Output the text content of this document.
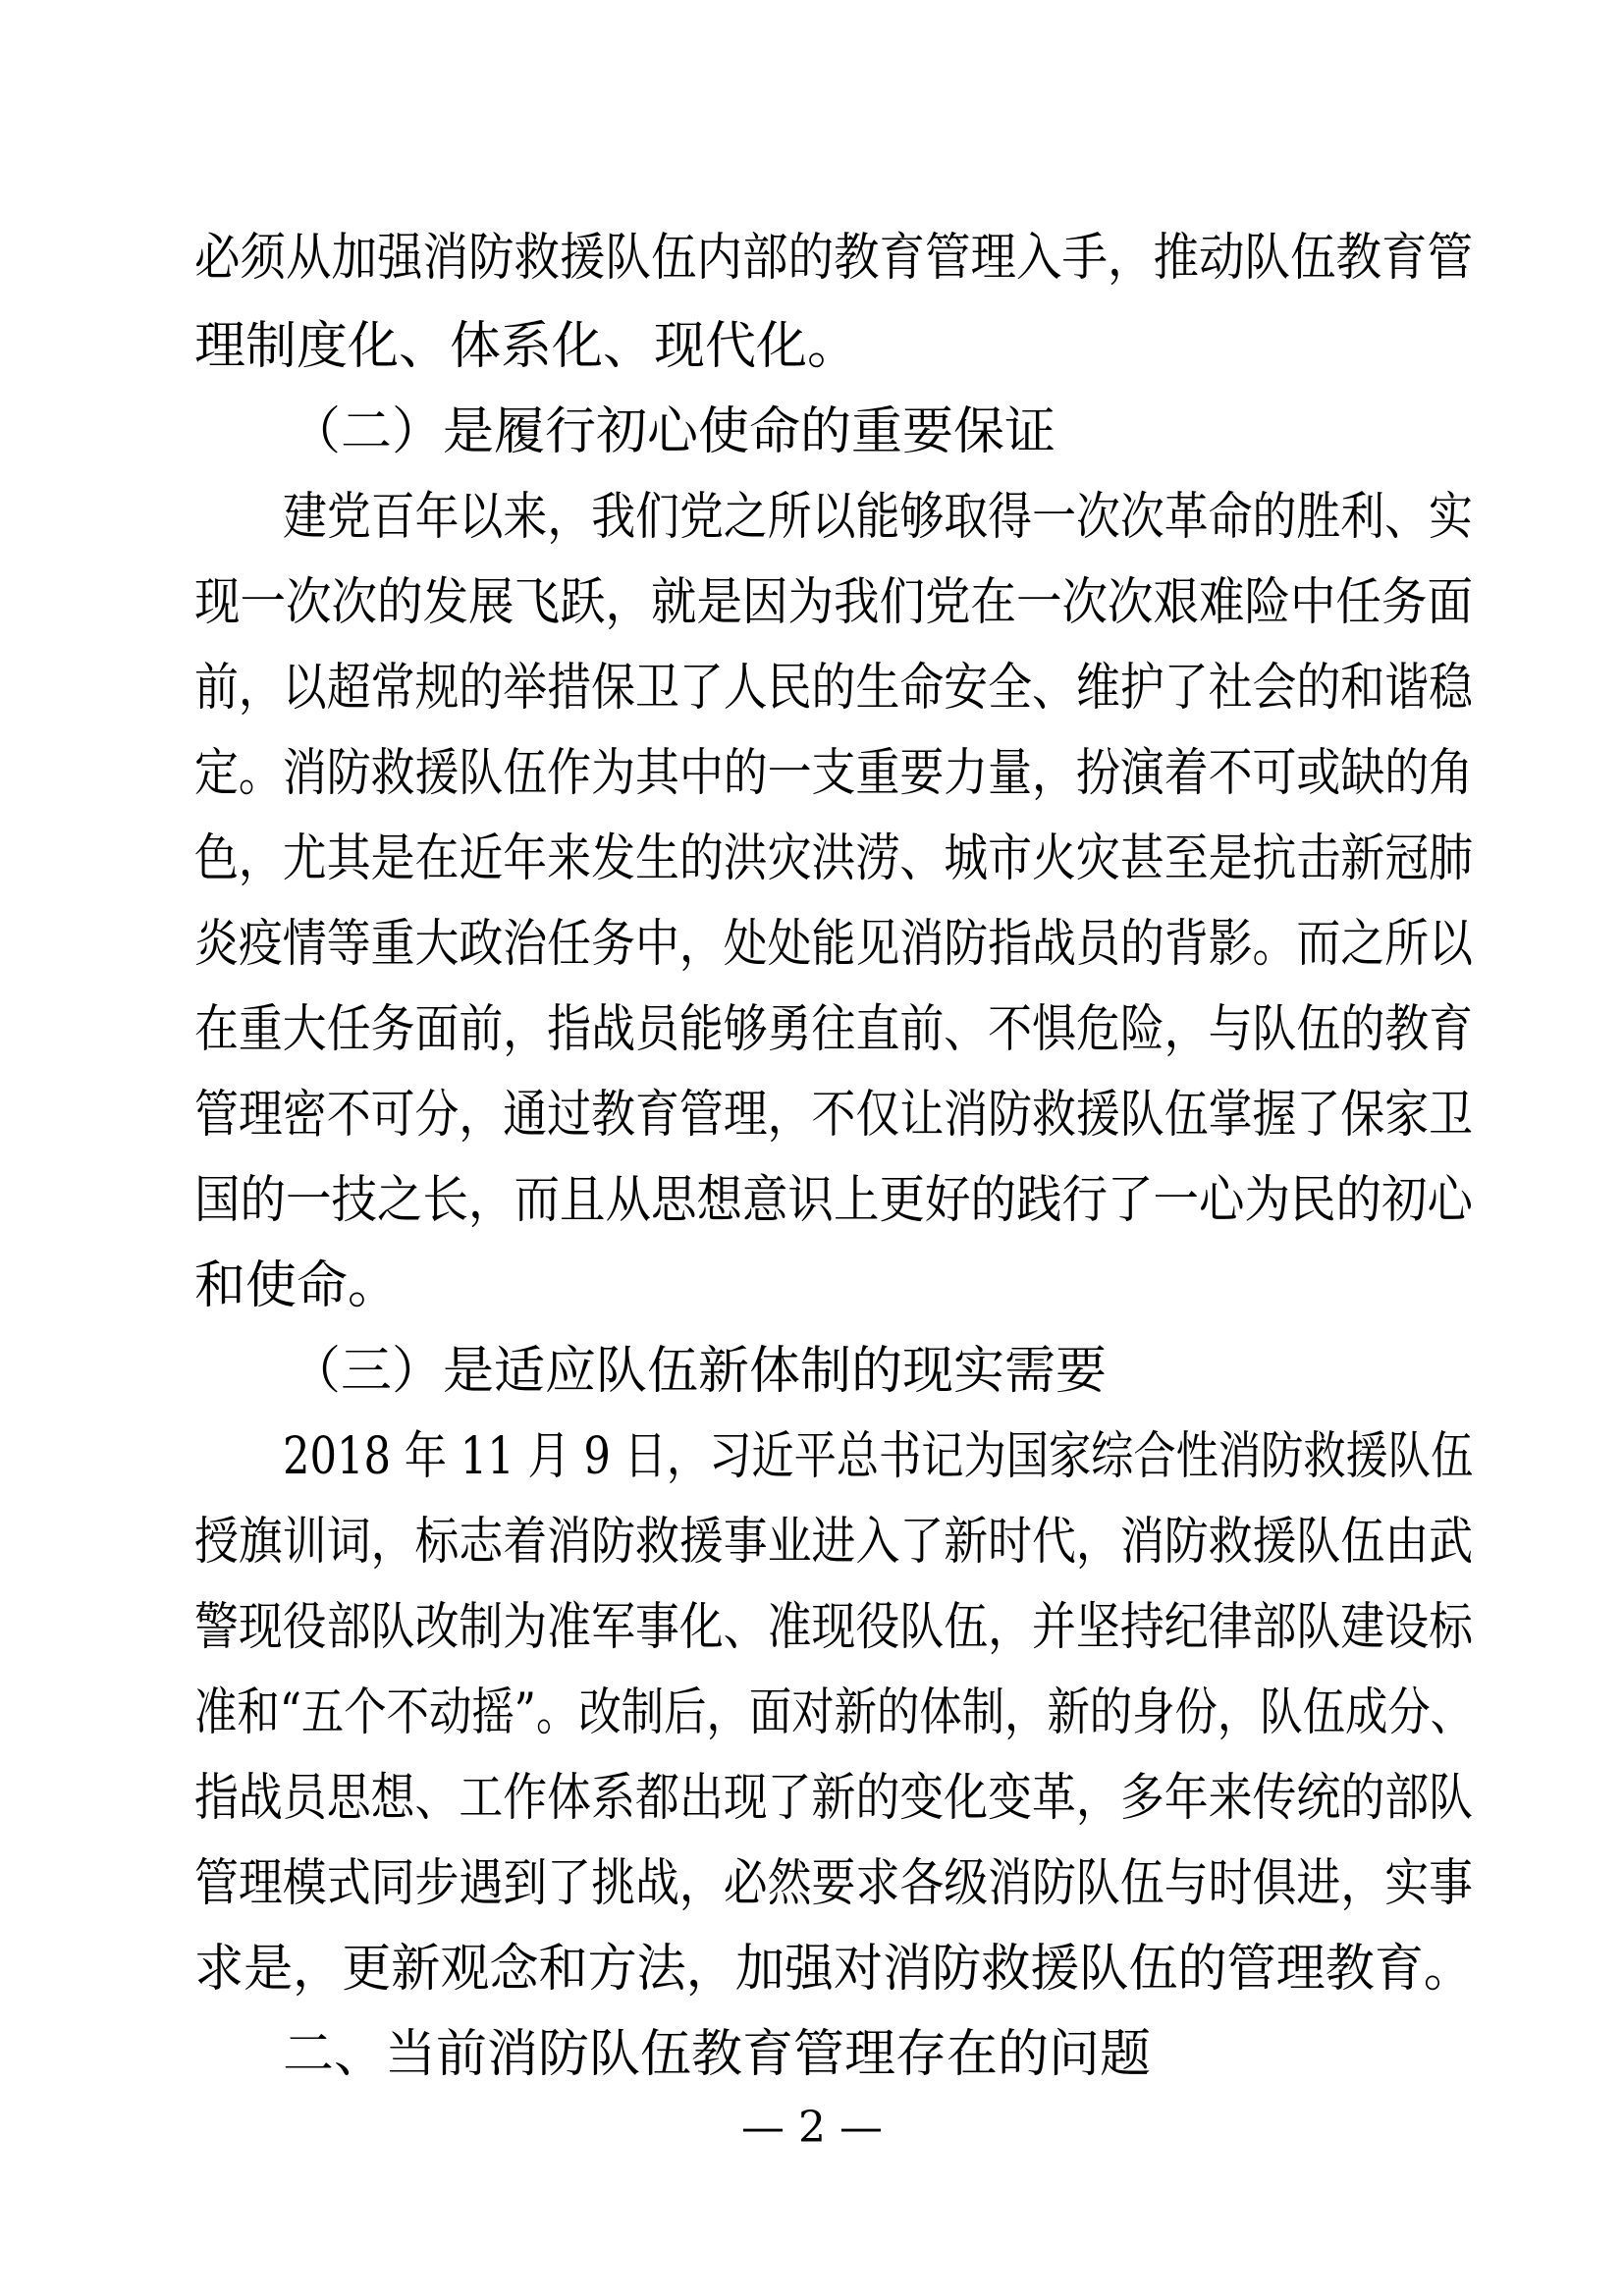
必须从加强消防救援队伍内部的教育管理入手，推动队伍教育管
理制度化、体系化、现代化。
（二）是履行初心使命的重要保证
建党百年以来，我们党之所以能够取得一次次革命的胜利、实
现一次次的发展飞跃，就是因为我们党在一次次艰难险中任务面
前，以超常规的举措保卫了人民的生命安全、维护了社会的和谐稳
定。消防救援队伍作为其中的一支重要力量，扮演着不可或缺的角
色，尤其是在近年来发生的洪灾洪涝、城市火灾甚至是抗击新冠肺
炎疫情等重大政治任务中，处处能见消防指战员的背影。而之所以
在重大任务面前，指战员能够勇往直前、不惧危险，与队伍的教育
管理密不可分，通过教育管理，不仅让消防救援队伍掌握了保家卫
国的一技之长，而且从思想意识上更好的践行了一心为民的初心
和使命。
（三）是适应队伍新体制的现实需要
2018 年 11 月 9 日，习近平总书记为国家综合性消防救援队伍
授旗训词，标志着消防救援事业进入了新时代，消防救援队伍由武
警现役部队改制为准军事化、准现役队伍，并坚持纪律部队建设标
准和“五个不动摇”。改制后，面对新的体制，新的身份，队伍成分、
指战员思想、工作体系都出现了新的变化变革，多年来传统的部队
管理模式同步遇到了挑战，必然要求各级消防队伍与时俱进，实事
求是，更新观念和方法，加强对消防救援队伍的管理教育。
二、当前消防队伍教育管理存在的问题
— 2 —
